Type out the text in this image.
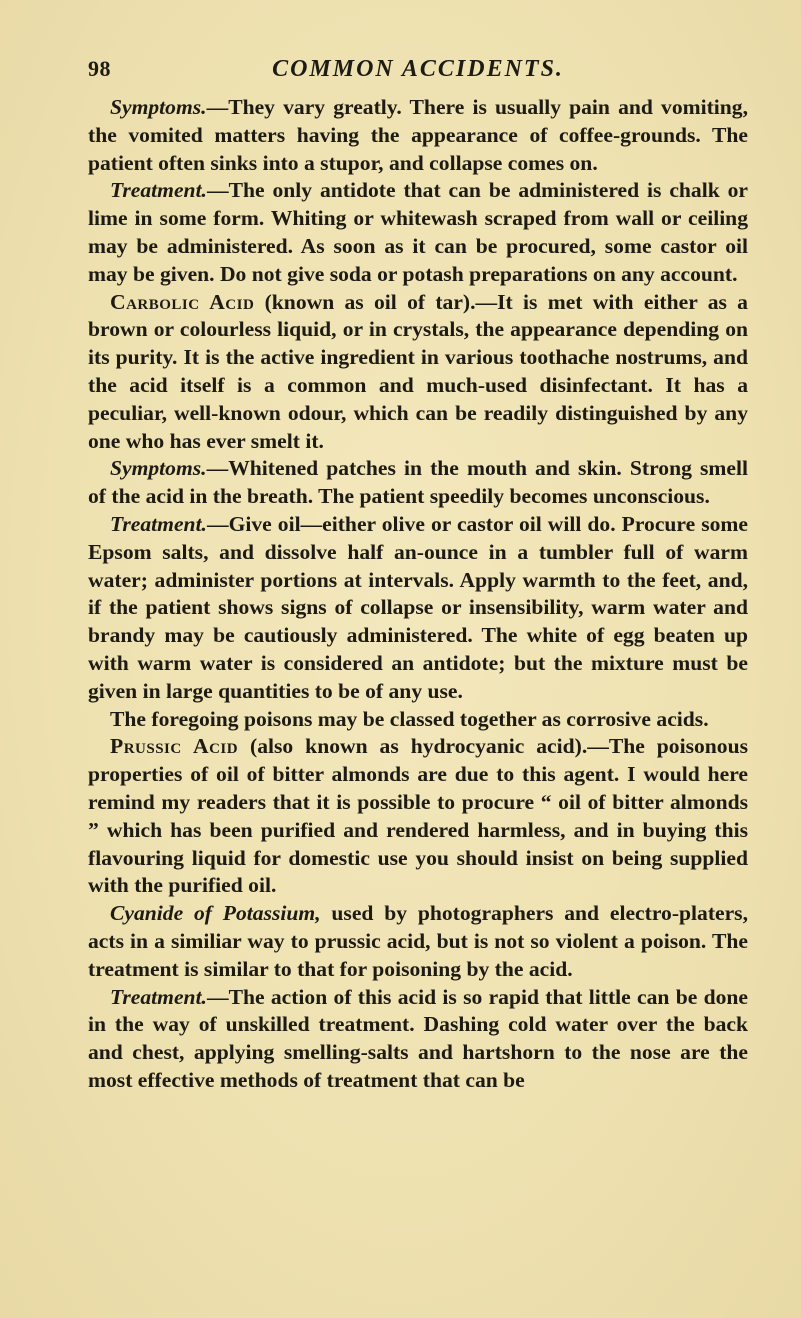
98	COMMON ACCIDENTS.

Symptoms.—They vary greatly. There is usually pain and vomiting, the vomited matters having the appearance of coffee-grounds. The patient often sinks into a stupor, and collapse comes on.

Treatment.—The only antidote that can be administered is chalk or lime in some form. Whiting or whitewash scraped from wall or ceiling may be administered. As soon as it can be procured, some castor oil may be given. Do not give soda or potash preparations on any account.

Carbolic Acid (known as oil of tar).—It is met with either as a brown or colourless liquid, or in crystals, the appearance depending on its purity. It is the active ingredient in various toothache nostrums, and the acid itself is a common and much-used disinfectant. It has a peculiar, well-known odour, which can be readily distinguished by any one who has ever smelt it.

Symptoms.—Whitened patches in the mouth and skin. Strong smell of the acid in the breath. The patient speedily becomes unconscious.

Treatment.—Give oil—either olive or castor oil will do. Procure some Epsom salts, and dissolve half an-ounce in a tumbler full of warm water; administer portions at intervals. Apply warmth to the feet, and, if the patient shows signs of collapse or insensibility, warm water and brandy may be cautiously administered. The white of egg beaten up with warm water is considered an antidote; but the mixture must be given in large quantities to be of any use.

The foregoing poisons may be classed together as corrosive acids.

Prussic Acid (also known as hydrocyanic acid).—The poisonous properties of oil of bitter almonds are due to this agent. I would here remind my readers that it is possible to procure “ oil of bitter almonds ” which has been purified and rendered harmless, and in buying this flavouring liquid for domestic use you should insist on being supplied with the purified oil.

Cyanide of Potassium, used by photographers and electro-platers, acts in a similiar way to prussic acid, but is not so violent a poison. The treatment is similar to that for poisoning by the acid.

Treatment.—The action of this acid is so rapid that little can be done in the way of unskilled treatment. Dashing cold water over the back and chest, applying smelling-salts and hartshorn to the nose are the most effective methods of treatment that can be
